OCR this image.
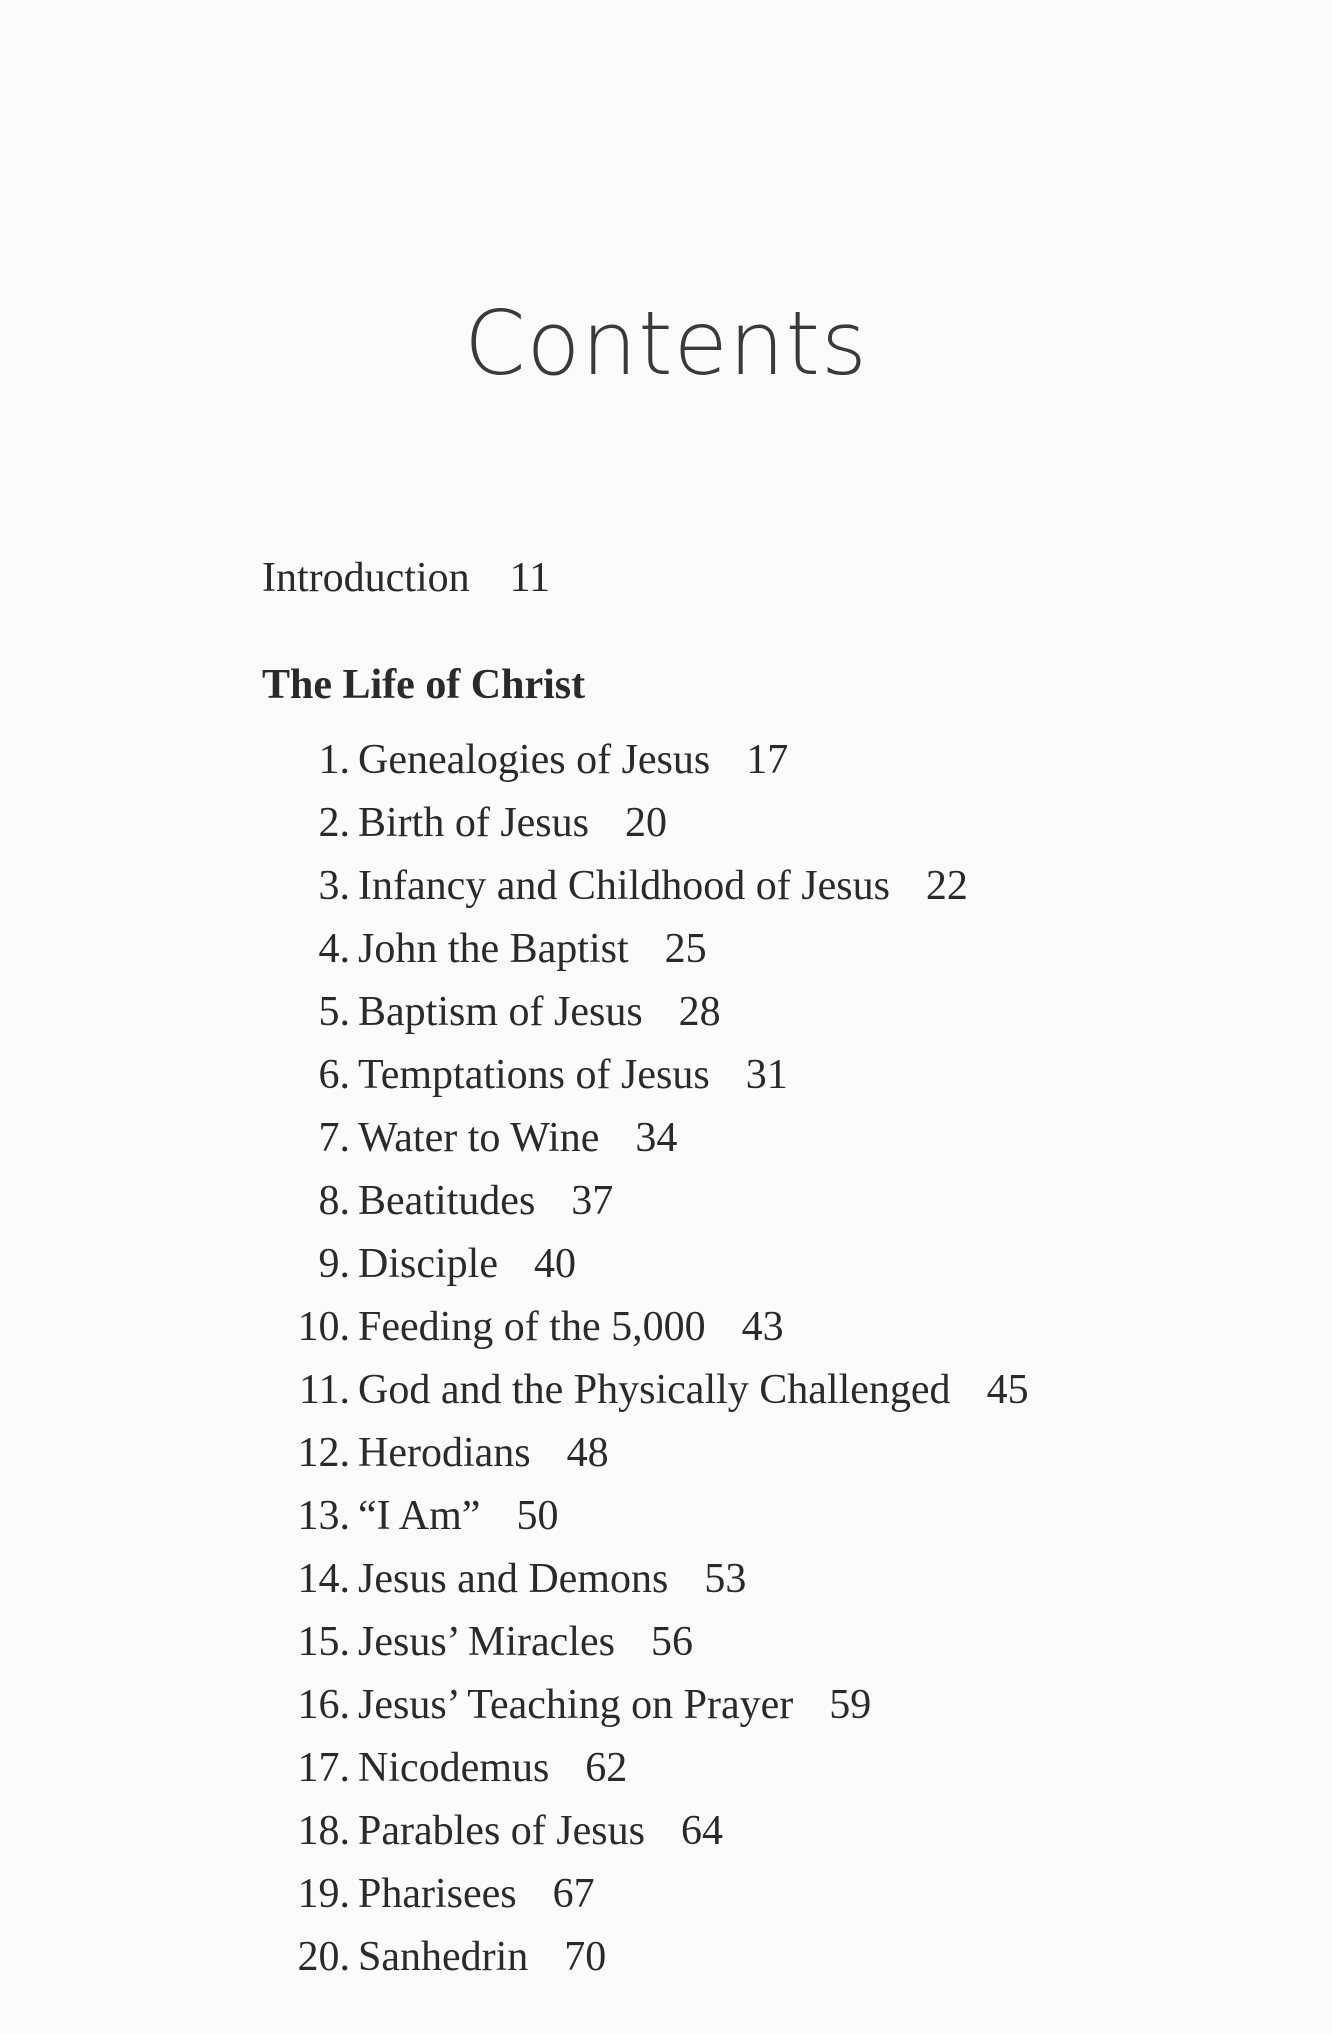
Contents
Introduction 11
The Life of Christ
1. Genealogies of Jesus 17
2. Birth of Jesus 20
3. Infancy and Childhood of Jesus 22
4. John the Baptist 25
5. Baptism of Jesus 28
6. Temptations of Jesus 31
7. Water to Wine 34
8. Beatitudes 37
9. Disciple 40
10. Feeding of the 5,000 43
11. God and the Physically Challenged 45
12. Herodians 48
13. “I Am” 50
14. Jesus and Demons 53
15. Jesus’ Miracles 56
16. Jesus’ Teaching on Prayer 59
17. Nicodemus 62
18. Parables of Jesus 64
19. Pharisees 67
20. Sanhedrin 70
